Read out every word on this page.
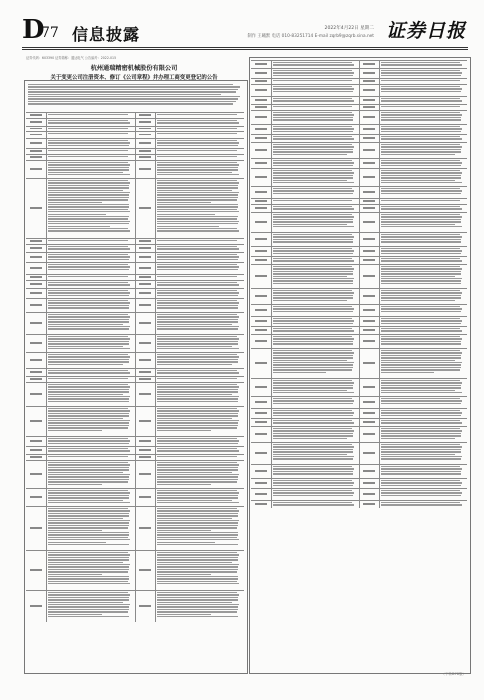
D
77 信息披露	2022年4月22日 星期二
制作 王曦默 电话 010-83251714 E-mail zqrb9@zqrb.sina.net 证券日报
证券代码：603390 证券简称：通达电气 公告编号：2022-015
杭州通瑞精密机械股份有限公司
关于变更公司注册资本、修订《公司章程》并办理工商变更登记的公告
（下转D78版）
